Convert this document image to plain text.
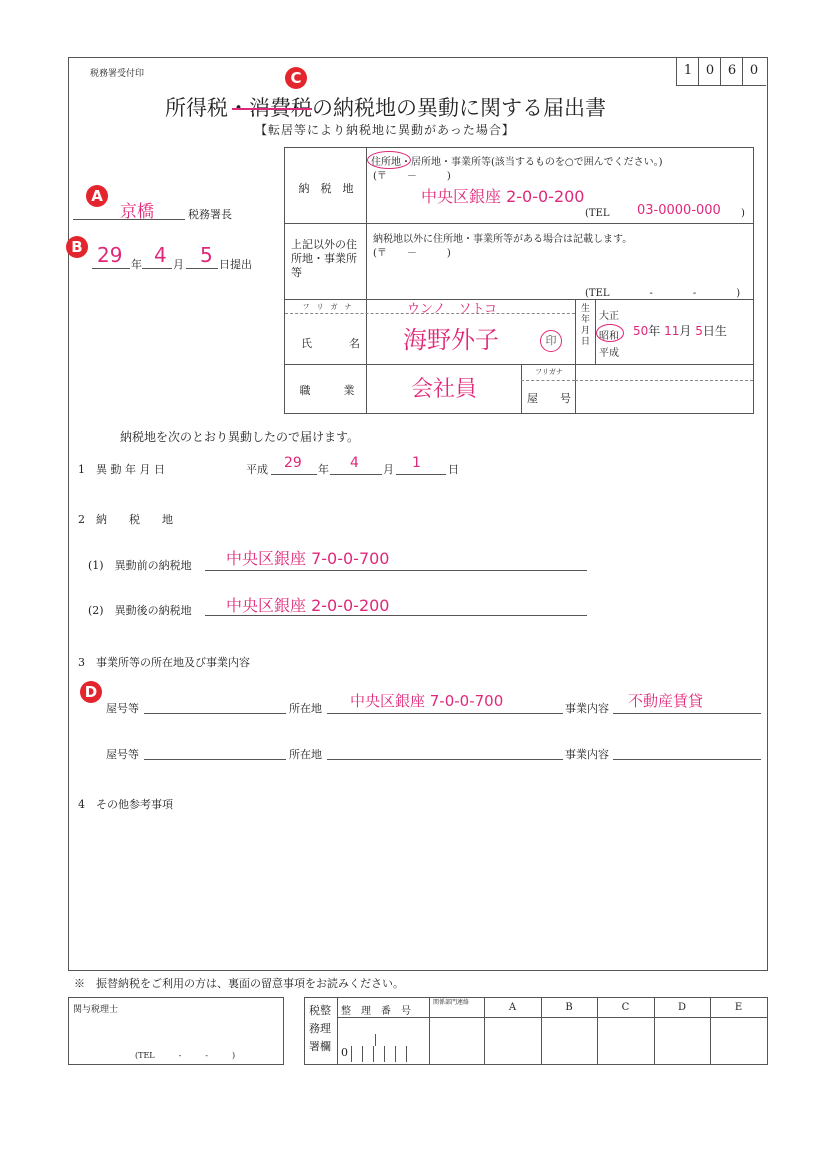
税務署受付印	1	0	6	0
所得税・消費税
の納税地の異動に関する届出書
【転居等により納税地に異動があった場合】
C
A
B
D
京橋	税務署長
29 年 4 月 5 日提出
納　税　地
住所地・居所地・事業所等(該当するものを○で囲んでください。)
(〒　　－　　　)
中央区銀座 2-0-0-200
(TEL 03-0000-000 )
上記以外の住所地・事業所等
納税地以外に住所地・事業所等がある場合は記載します。
(〒　　－　　　)
(TEL　　　　-　　　　-　　　　)
フ　リ　ガ　ナ	ウンノ　ソトコ
氏	名 海野外子	印
生年月日
大正
昭和
平成
50年 11月 5日生
職　　　業	会社員
フリガナ
屋　　号
納税地を次のとおり異動したので届けます。
1　異 動 年 月 日	平成 29 年 4 月 1 日
2　納　　税　　地
(1)　異動前の納税地 中央区銀座 7-0-0-700
(2)　異動後の納税地 中央区銀座 2-0-0-200
3　事業所等の所在地及び事業内容
屋号等	所在地 中央区銀座 7-0-0-700	事業内容 不動産賃貸
屋号等	所在地	事業内容
4　その他参考事項
※　振替納税をご利用の方は、裏面の留意事項をお読みください。
関与税理士
(TEL　　　-　　　-　　　)
税整
務理
署欄
整　理　番　号
関係部門連絡	A	B	C	D	E
0
